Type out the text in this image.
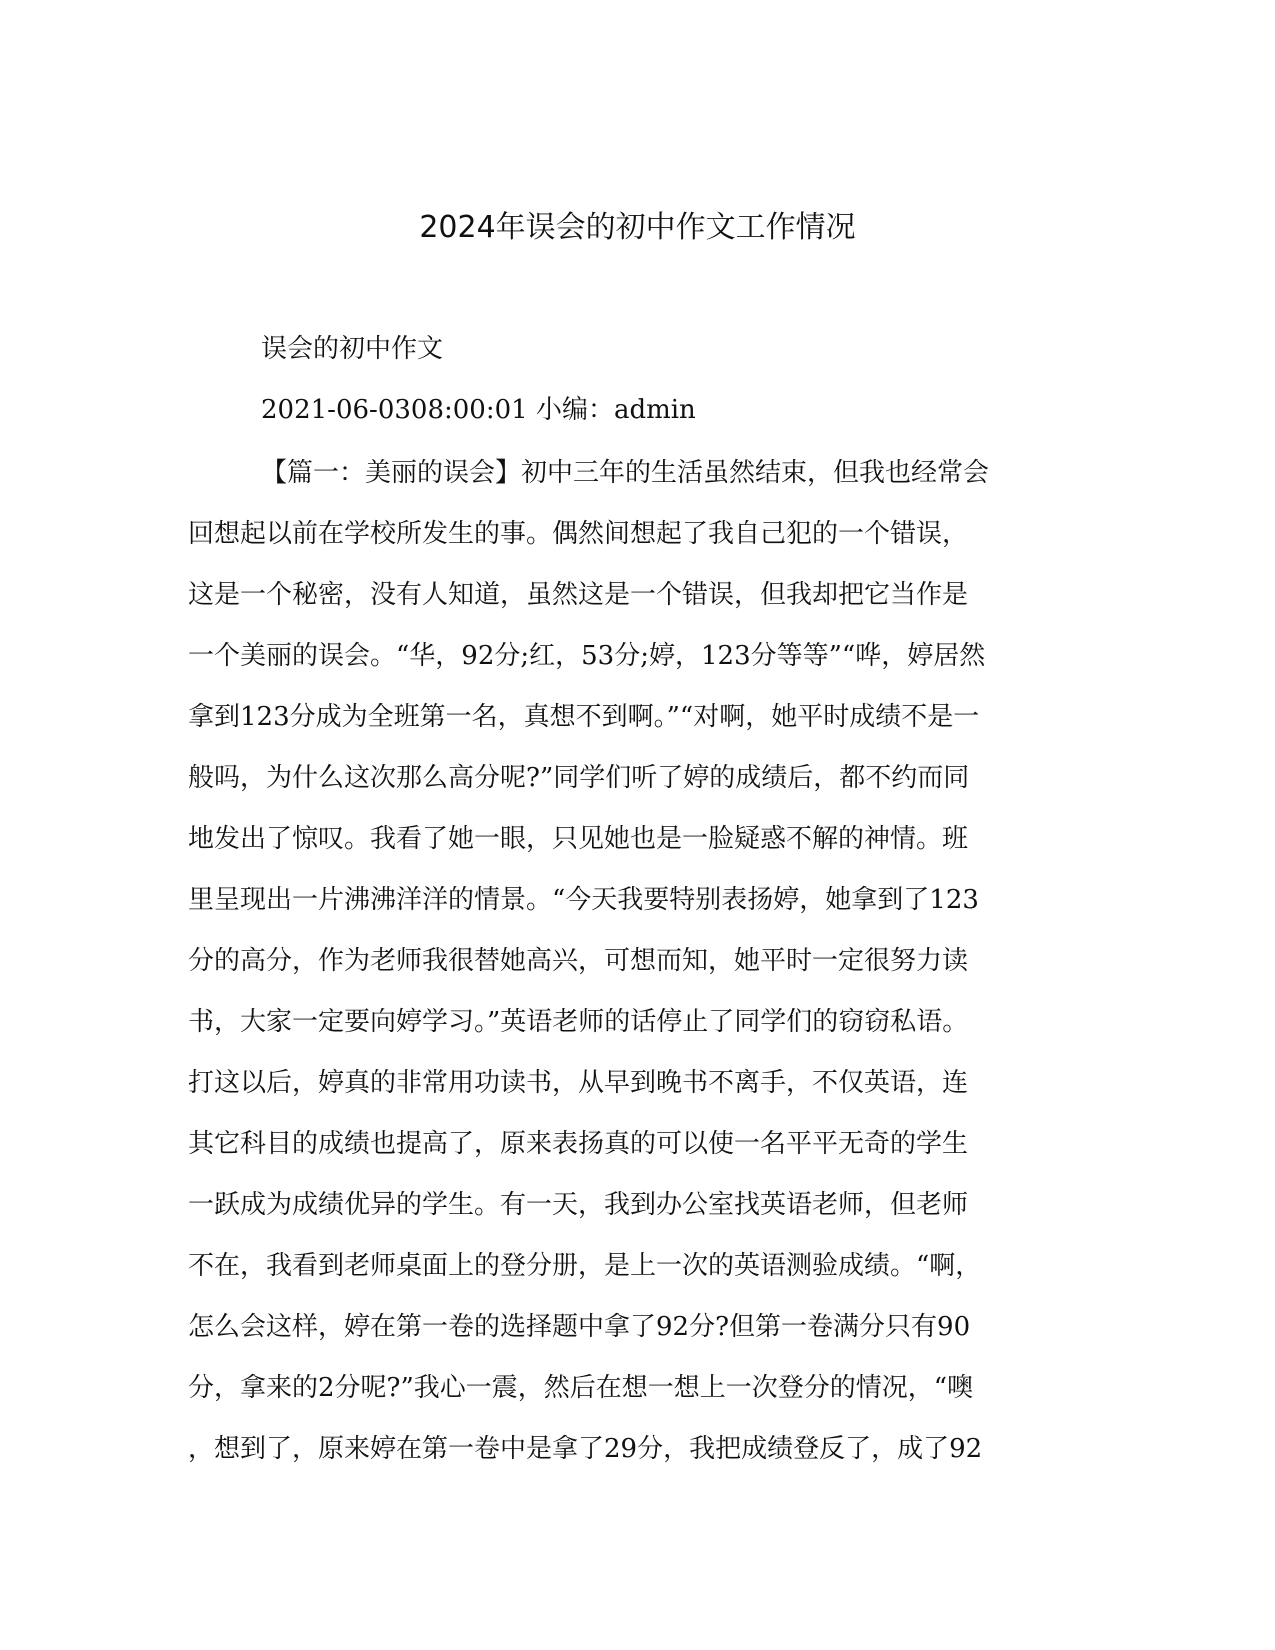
2024年误会的初中作文工作情况
误会的初中作文
2021-06-0308:00:01 小编：admin
【篇一：美丽的误会】初中三年的生活虽然结束，但我也经常会
回想起以前在学校所发生的事。偶然间想起了我自己犯的一个错误，
这是一个秘密，没有人知道，虽然这是一个错误，但我却把它当作是
一个美丽的误会。“华，92分;红，53分;婷，123分等等”“哗，婷居然
拿到123分成为全班第一名，真想不到啊。”“对啊，她平时成绩不是一
般吗，为什么这次那么高分呢?”同学们听了婷的成绩后，都不约而同
地发出了惊叹。我看了她一眼，只见她也是一脸疑惑不解的神情。班
里呈现出一片沸沸洋洋的情景。“今天我要特别表扬婷，她拿到了123
分的高分，作为老师我很替她高兴，可想而知，她平时一定很努力读
书，大家一定要向婷学习。”英语老师的话停止了同学们的窃窃私语。
打这以后，婷真的非常用功读书，从早到晚书不离手，不仅英语，连
其它科目的成绩也提高了，原来表扬真的可以使一名平平无奇的学生
一跃成为成绩优异的学生。有一天，我到办公室找英语老师，但老师
不在，我看到老师桌面上的登分册，是上一次的英语测验成绩。“啊，
怎么会这样，婷在第一卷的选择题中拿了92分?但第一卷满分只有90
分，拿来的2分呢?”我心一震，然后在想一想上一次登分的情况，“噢
，想到了，原来婷在第一卷中是拿了29分，我把成绩登反了，成了92
